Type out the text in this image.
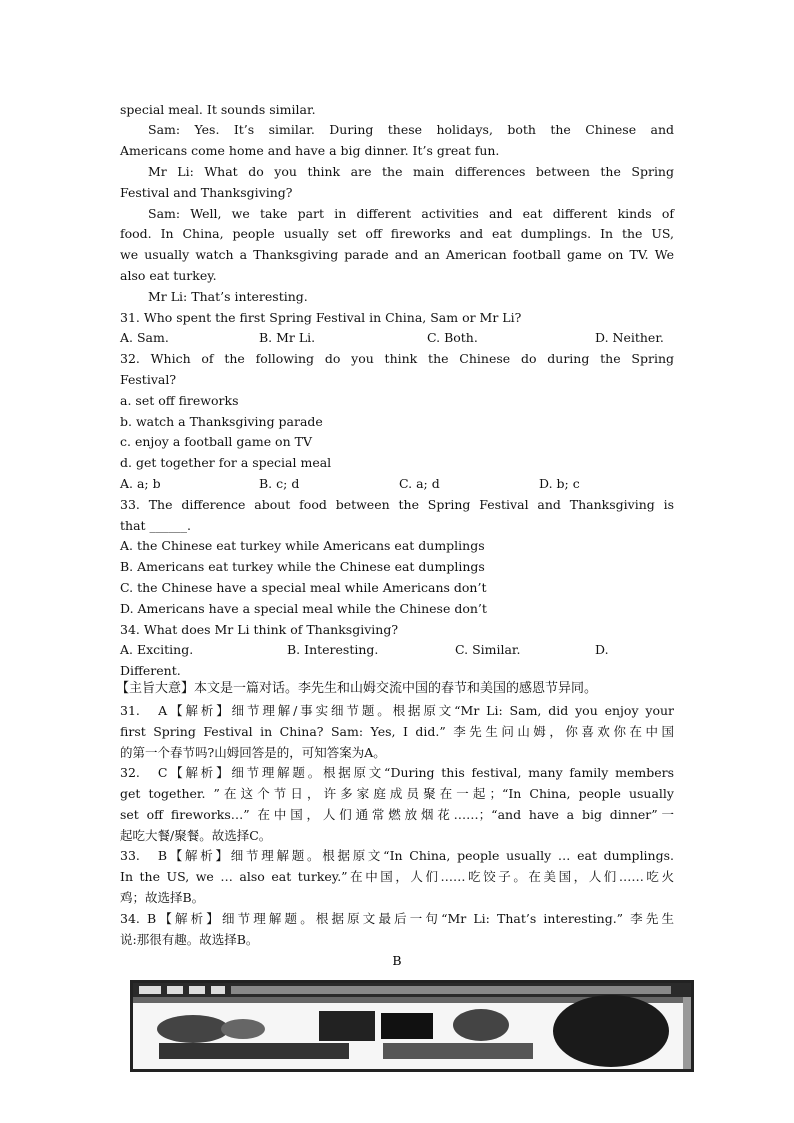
special meal. It sounds similar.
Sam: Yes. It’s similar. During these holidays, both the Chinese and
Americans come home and have a big dinner. It’s great fun.
Mr Li: What do you think are the main differences between the Spring
Festival and Thanksgiving?
Sam: Well, we take part in different activities and eat different kinds of
food. In China, people usually set off fireworks and eat dumplings. In the US,
we usually watch a Thanksgiving parade and an American football game on TV. We
also eat turkey.
Mr Li: That’s interesting.
31. Who spent the first Spring Festival in China, Sam or Mr Li?
A. Sam.	B. Mr Li.	C. Both.	D. Neither.
32. Which of the following do you think the Chinese do during the Spring
Festival?
a. set off fireworks
b. watch a Thanksgiving parade
c. enjoy a football game on TV
d. get together for a special meal
A. a; b	B. c; d	C. a; d	D. b; c
33. The difference about food between the Spring Festival and Thanksgiving is
that ______.
A. the Chinese eat turkey while Americans eat dumplings
B. Americans eat turkey while the Chinese eat dumplings
C. the Chinese have a special meal while Americans don’t
D. Americans have a special meal while the Chinese don’t
34. What does Mr Li think of Thanksgiving?
A. Exciting.	B. Interesting.	C. Similar.	D.
Different.
【主旨大意】本文是一篇对话。李先生和山姆交流中国的春节和美国的感恩节异同。
31.　A【解析】细节理解/事实细节题。根据原文“Mr Li: Sam, did you enjoy your
first Spring Festival in China? Sam: Yes, I did.” 李先生问山姆，你喜欢你在中国
的第一个春节吗?山姆回答是的，可知答案为A。
32.　C【解析】细节理解题。根据原文“During this festival, many family members
get together. ”在这个节日，许多家庭成员聚在一起；“In China, people usually
set off fireworks…” 在中国，人们通常燃放烟花……；“and have a big dinner”一
起吃大餐/聚餐。故选择C。
33.　B【解析】细节理解题。根据原文“In China, people usually … eat dumplings.
In the US, we … also eat turkey.”在中国，人们……吃饺子。在美国，人们……吃火
鸡；故选择B。
34. B【解析】细节理解题。根据原文最后一句“Mr Li: That’s interesting.” 李先生
说:那很有趣。故选择B。
B
